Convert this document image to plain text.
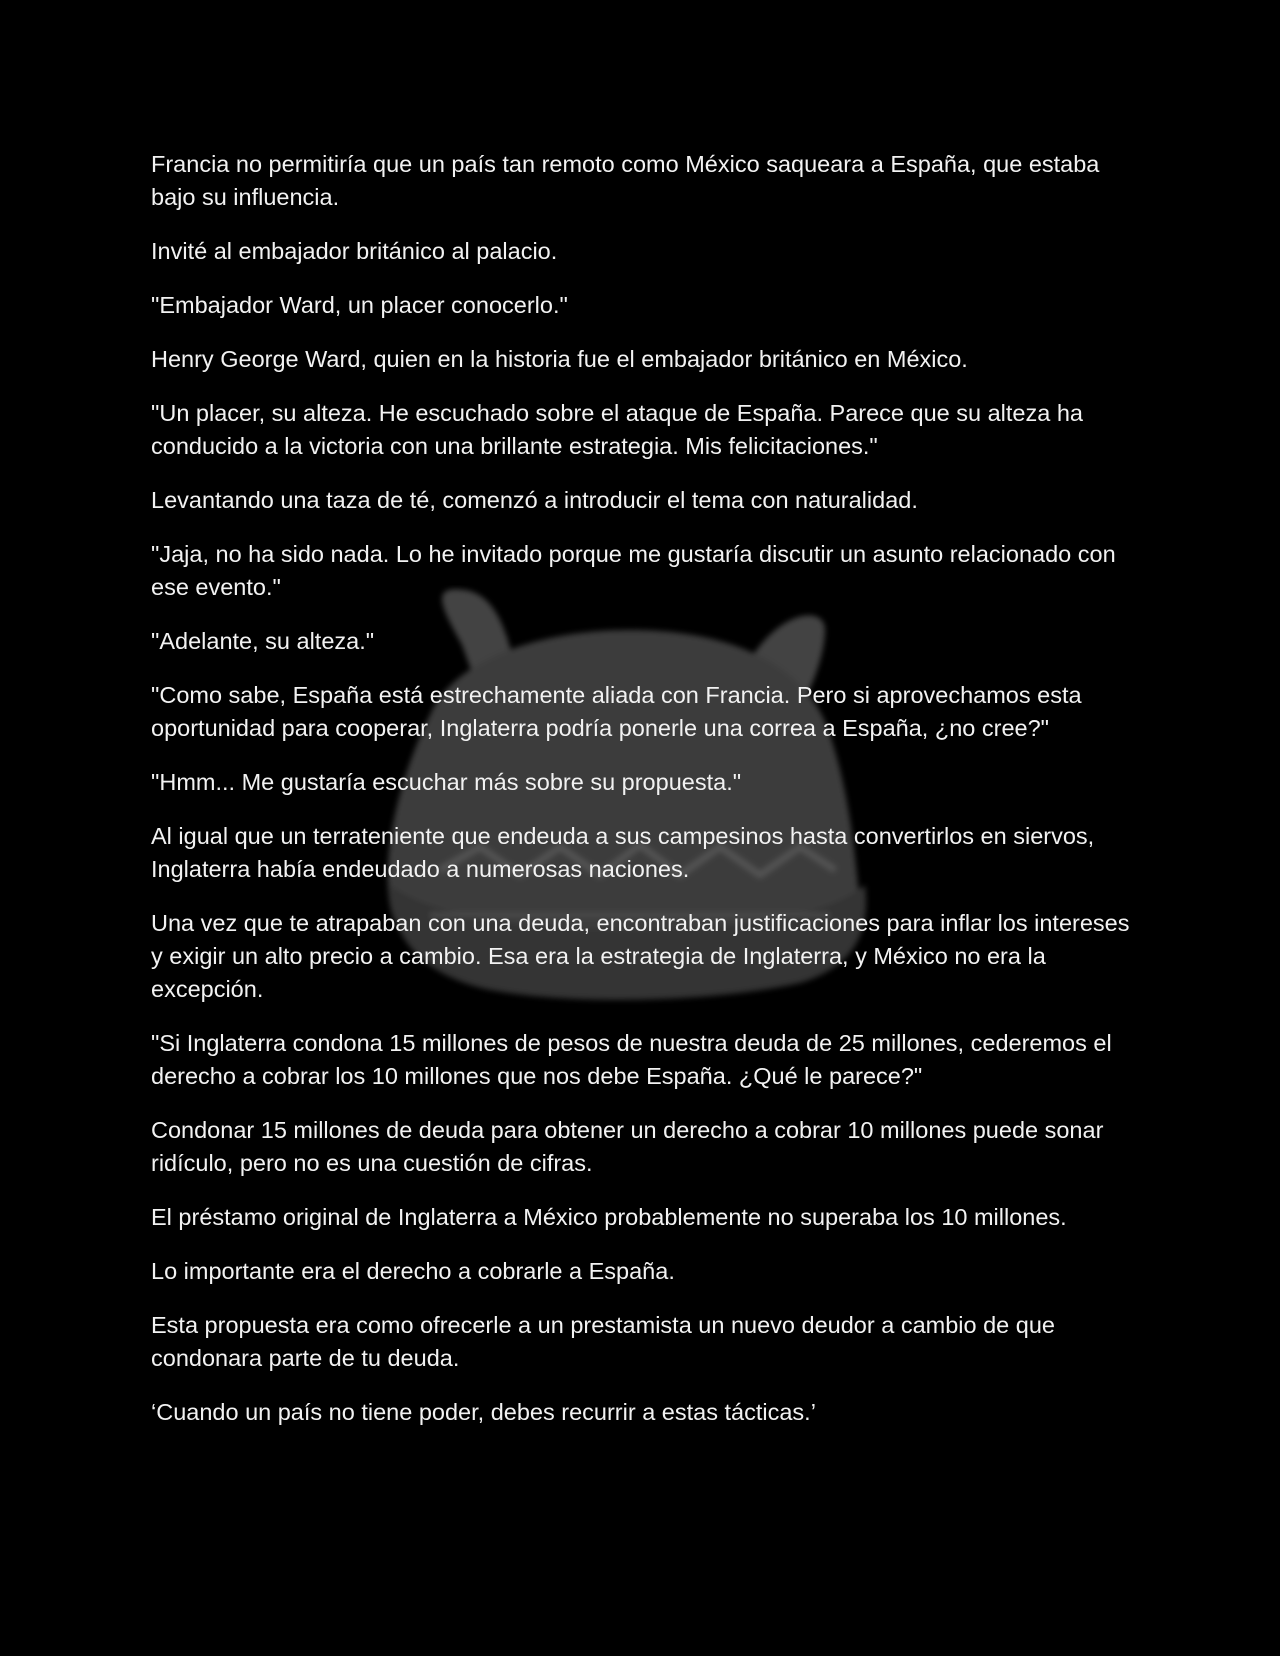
Francia no permitiría que un país tan remoto como México saqueara a España, que estaba bajo su influencia.

Invité al embajador británico al palacio.

"Embajador Ward, un placer conocerlo."

Henry George Ward, quien en la historia fue el embajador británico en México.

"Un placer, su alteza. He escuchado sobre el ataque de España. Parece que su alteza ha conducido a la victoria con una brillante estrategia. Mis felicitaciones."

Levantando una taza de té, comenzó a introducir el tema con naturalidad.

"Jaja, no ha sido nada. Lo he invitado porque me gustaría discutir un asunto relacionado con ese evento."

"Adelante, su alteza."

"Como sabe, España está estrechamente aliada con Francia. Pero si aprovechamos esta oportunidad para cooperar, Inglaterra podría ponerle una correa a España, ¿no cree?"

"Hmm... Me gustaría escuchar más sobre su propuesta."

Al igual que un terrateniente que endeuda a sus campesinos hasta convertirlos en siervos, Inglaterra había endeudado a numerosas naciones.

Una vez que te atrapaban con una deuda, encontraban justificaciones para inflar los intereses y exigir un alto precio a cambio. Esa era la estrategia de Inglaterra, y México no era la excepción.

"Si Inglaterra condona 15 millones de pesos de nuestra deuda de 25 millones, cederemos el derecho a cobrar los 10 millones que nos debe España. ¿Qué le parece?"

Condonar 15 millones de deuda para obtener un derecho a cobrar 10 millones puede sonar ridículo, pero no es una cuestión de cifras.

El préstamo original de Inglaterra a México probablemente no superaba los 10 millones.

Lo importante era el derecho a cobrarle a España.

Esta propuesta era como ofrecerle a un prestamista un nuevo deudor a cambio de que condonara parte de tu deuda.

‘Cuando un país no tiene poder, debes recurrir a estas tácticas.’
